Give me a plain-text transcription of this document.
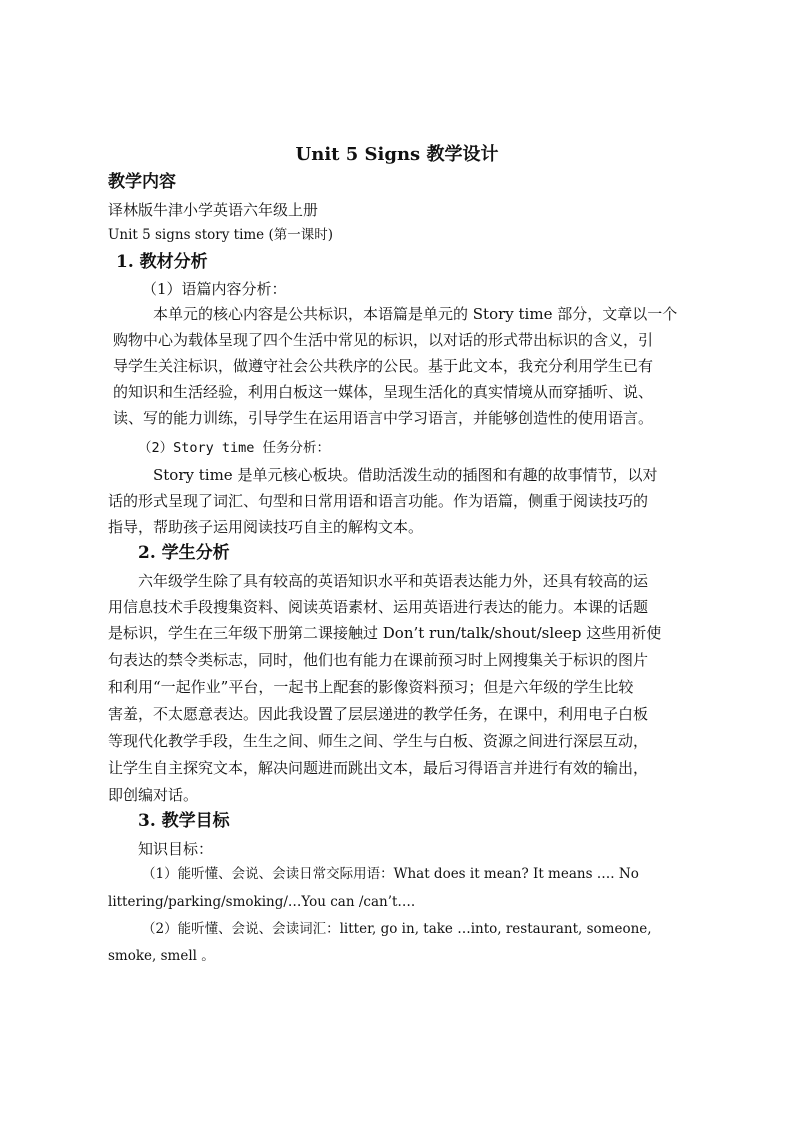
Unit 5 Signs 教学设计
教学内容
译林版牛津小学英语六年级上册
Unit 5 signs story time (第一课时)
1. 教材分析
（1）语篇内容分析：
本单元的核心内容是公共标识，本语篇是单元的 Story time 部分，文章以一个
购物中心为载体呈现了四个生活中常见的标识，以对话的形式带出标识的含义，引
导学生关注标识，做遵守社会公共秩序的公民。基于此文本，我充分利用学生已有
的知识和生活经验，利用白板这一媒体，呈现生活化的真实情境从而穿插听、说、
读、写的能力训练，引导学生在运用语言中学习语言，并能够创造性的使用语言。
（2）Story time 任务分析：
Story time 是单元核心板块。借助活泼生动的插图和有趣的故事情节，以对
话的形式呈现了词汇、句型和日常用语和语言功能。作为语篇，侧重于阅读技巧的
指导，帮助孩子运用阅读技巧自主的解构文本。
2. 学生分析
六年级学生除了具有较高的英语知识水平和英语表达能力外，还具有较高的运
用信息技术手段搜集资料、阅读英语素材、运用英语进行表达的能力。本课的话题
是标识，学生在三年级下册第二课接触过 Don’t run/talk/shout/sleep 这些用祈使
句表达的禁令类标志，同时，他们也有能力在课前预习时上网搜集关于标识的图片
和利用“一起作业”平台，一起书上配套的影像资料预习；但是六年级的学生比较
害羞，不太愿意表达。因此我设置了层层递进的教学任务，在课中，利用电子白板
等现代化教学手段，生生之间、师生之间、学生与白板、资源之间进行深层互动，
让学生自主探究文本，解决问题进而跳出文本，最后习得语言并进行有效的输出，
即创编对话。
3. 教学目标
知识目标：
（1）能听懂、会说、会读日常交际用语：What does it mean? It means …. No
littering/parking/smoking/…You can /can’t….
（2）能听懂、会说、会读词汇：litter, go in, take …into, restaurant, someone,
smoke, smell 。
